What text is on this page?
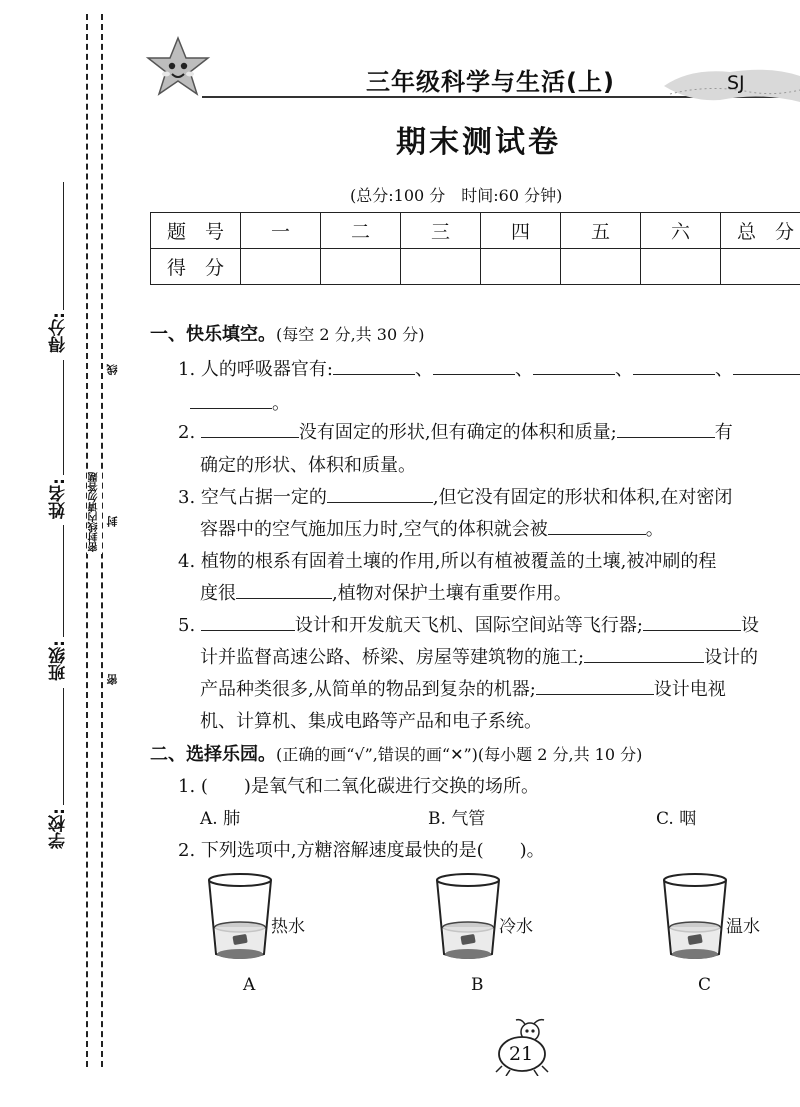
得分:
姓名:
班级:
学校:
密封线内请勿答题
线
封
密
三年级科学与生活(上)	SJ
期末测试卷
(总分:100 分　时间:60 分钟)
题　号	一	二	三	四	五	六	总　分
得　分							
一、快乐填空。(每空 2 分,共 30 分)
1. 人的呼吸器官有:	、	、	、	、
。
2.	没有固定的形状,但有确定的体积和质量;	有
确定的形状、体积和质量。
3. 空气占据一定的	,但它没有固定的形状和体积,在对密闭
容器中的空气施加压力时,空气的体积就会被	。
4. 植物的根系有固着土壤的作用,所以有植被覆盖的土壤,被冲刷的程
度很	,植物对保护土壤有重要作用。
5.	设计和开发航天飞机、国际空间站等飞行器;	设
计并监督高速公路、桥梁、房屋等建筑物的施工;	设计的
产品种类很多,从简单的物品到复杂的机器;	设计电视
机、计算机、集成电路等产品和电子系统。
二、选择乐园。(正确的画“√”,错误的画“✕”)(每小题 2 分,共 10 分)
1. (　　)是氧气和二氧化碳进行交换的场所。
A. 肺	B. 气管	C. 咽
2. 下列选项中,方糖溶解速度最快的是(　　)。
热水
A
冷水
B
温水
C
21
